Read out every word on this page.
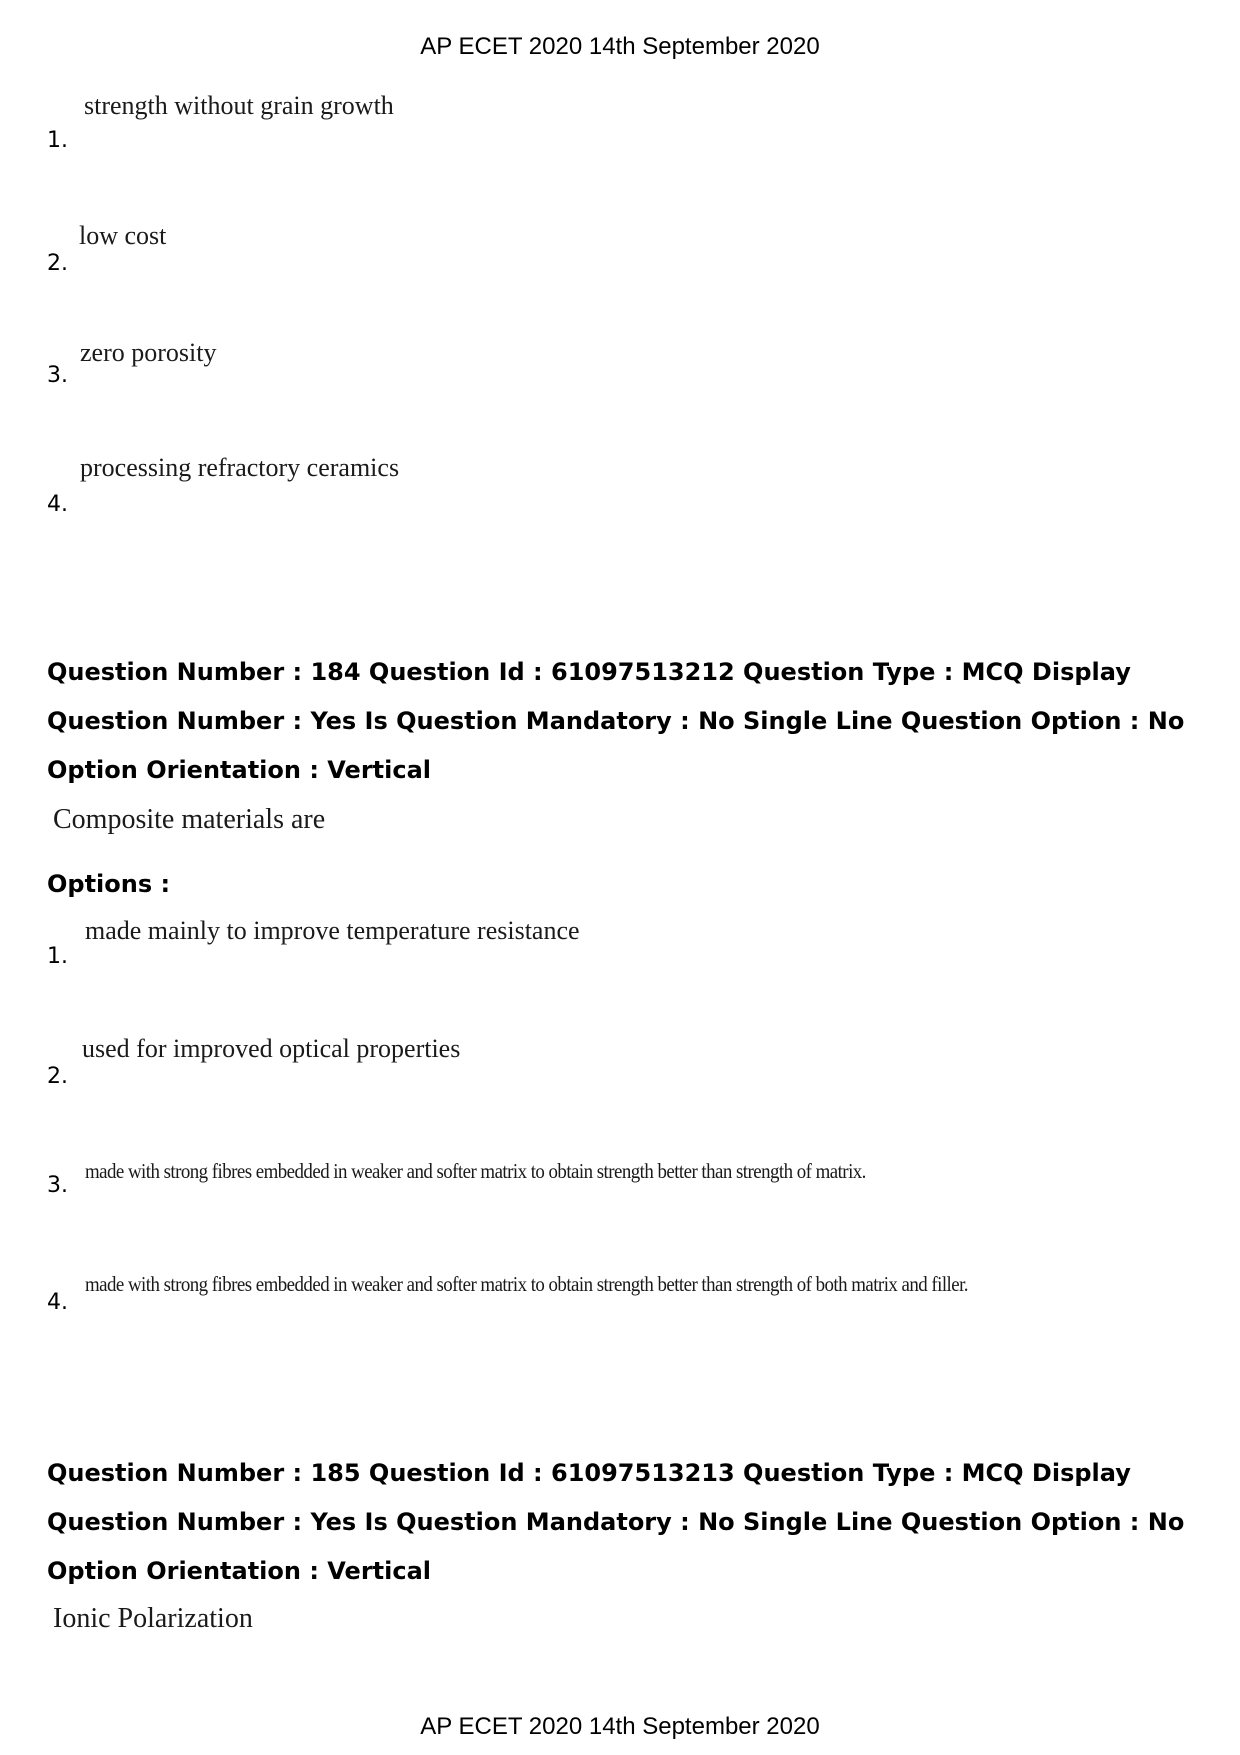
AP ECET 2020 14th September 2020
1.
strength without grain growth
2.
low cost
3.
zero porosity
4.
processing refractory ceramics
Question Number : 184 Question Id : 61097513212 Question Type : MCQ Display Question Number : Yes Is Question Mandatory : No Single Line Question Option : No Option Orientation : Vertical
Composite materials are
Options :
1.
made mainly to improve temperature resistance
2.
used for improved optical properties
3.
made with strong fibres embedded in weaker and softer matrix to obtain strength better than strength of matrix.
4.
made with strong fibres embedded in weaker and softer matrix to obtain strength better than strength of both matrix and filler.
Question Number : 185 Question Id : 61097513213 Question Type : MCQ Display Question Number : Yes Is Question Mandatory : No Single Line Question Option : No Option Orientation : Vertical
Ionic Polarization
AP ECET 2020 14th September 2020
